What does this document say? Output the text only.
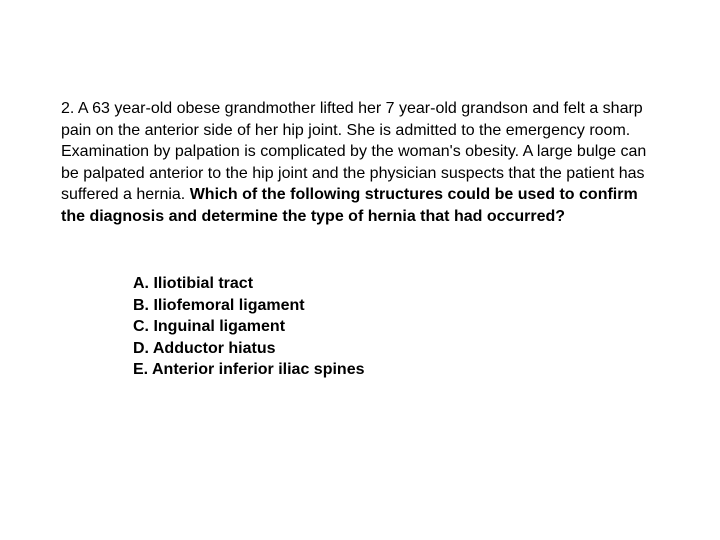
2. A 63 year-old obese grandmother lifted her 7 year-old grandson and felt a sharp pain on the anterior side of her hip joint. She is admitted to the emergency room. Examination by palpation is complicated by the woman's obesity. A large bulge can be palpated anterior to the hip joint and the physician suspects that the patient has suffered a hernia. Which of the following structures could be used to confirm the diagnosis and determine the type of hernia that had occurred?

A. Iliotibial tract
B. Iliofemoral ligament
C. Inguinal ligament
D. Adductor hiatus
E. Anterior inferior iliac spines
